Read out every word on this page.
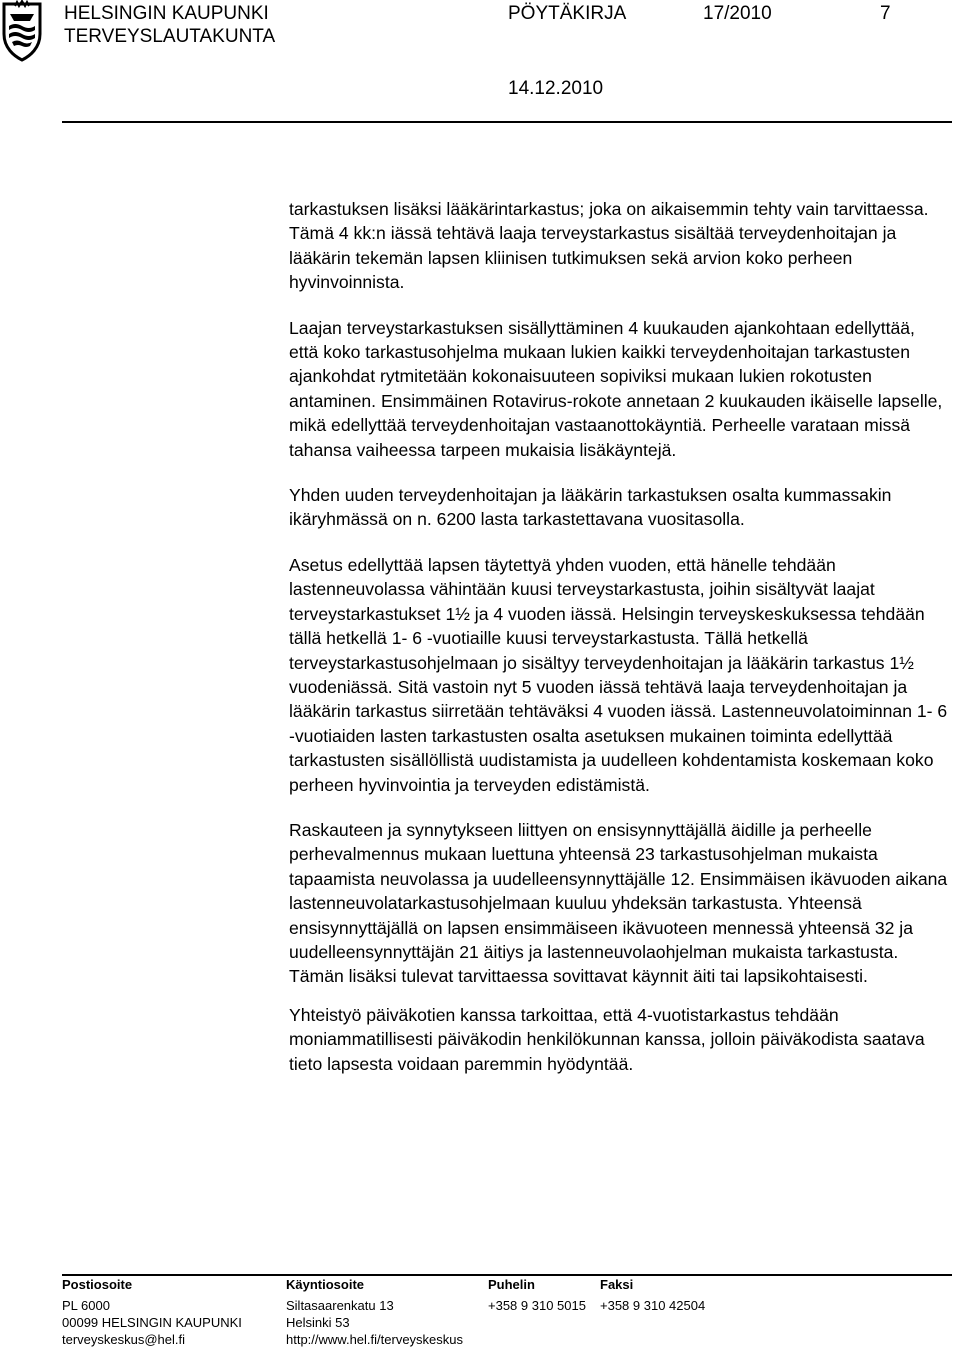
HELSINGIN KAUPUNKI
TERVEYSLAUTAKUNTA
PÖYTÄKIRJA	17/2010	7
14.12.2010

tarkastuksen lisäksi lääkärintarkastus; joka on aikaisemmin tehty vain tarvittaessa. Tämä 4 kk:n iässä tehtävä laaja terveystarkastus sisältää terveydenhoitajan ja lääkärin tekemän lapsen kliinisen tutkimuksen sekä arvion koko perheen hyvinvoinnista.

Laajan terveystarkastuksen sisällyttäminen 4 kuukauden ajankohtaan edellyttää, että koko tarkastusohjelma mukaan lukien kaikki terveydenhoitajan tarkastusten ajankohdat rytmitetään kokonaisuuteen sopiviksi mukaan lukien rokotusten antaminen. Ensimmäinen Rotavirus-rokote annetaan 2 kuukauden ikäiselle lapselle, mikä edellyttää terveydenhoitajan vastaanottokäyntiä. Perheelle varataan missä tahansa vaiheessa tarpeen mukaisia lisäkäyntejä.

Yhden uuden terveydenhoitajan ja lääkärin tarkastuksen osalta kummassakin ikäryhmässä on n. 6200 lasta tarkastettavana vuositasolla.

Asetus edellyttää lapsen täytettyä yhden vuoden, että hänelle tehdään lastenneuvolassa vähintään kuusi terveystarkastusta, joihin sisältyvät laajat terveystarkastukset 1½ ja 4 vuoden iässä. Helsingin terveyskeskuksessa tehdään tällä hetkellä 1- 6 -vuotiaille kuusi terveystarkastusta. Tällä hetkellä terveystarkastusohjelmaan jo sisältyy terveydenhoitajan ja lääkärin tarkastus 1½ vuodeniässä. Sitä vastoin nyt 5 vuoden iässä tehtävä laaja terveydenhoitajan ja lääkärin tarkastus siirretään tehtäväksi 4 vuoden iässä. Lastenneuvolatoiminnan 1- 6 -vuotiaiden lasten tarkastusten osalta asetuksen mukainen toiminta edellyttää tarkastusten sisällöllistä uudistamista ja uudelleen kohdentamista koskemaan koko perheen hyvinvointia ja terveyden edistämistä.

Raskauteen ja synnytykseen liittyen on ensisynnyttäjällä äidille ja perheelle perhevalmennus mukaan luettuna yhteensä 23 tarkastusohjelman mukaista tapaamista neuvolassa ja uudelleensynnyttäjälle 12. Ensimmäisen ikävuoden aikana lastenneuvolatarkastusohjelmaan kuuluu yhdeksän tarkastusta. Yhteensä ensisynnyttäjällä on lapsen ensimmäiseen ikävuoteen mennessä yhteensä 32 ja uudelleensynnyttäjän 21 äitiys ja lastenneuvolaohjelman mukaista tarkastusta. Tämän lisäksi tulevat tarvittaessa sovittavat käynnit äiti tai lapsikohtaisesti.

Yhteistyö päiväkotien kanssa tarkoittaa, että 4-vuotistarkastus tehdään moniammatillisesti päiväkodin henkilökunnan kanssa, jolloin päiväkodista saatava tieto lapsesta voidaan paremmin hyödyntää.

Postiosoite
PL 6000
00099 HELSINGIN KAUPUNKI
terveyskeskus@hel.fi
Käyntiosoite
Siltasaarenkatu 13
Helsinki 53
http://www.hel.fi/terveyskeskus
Puhelin
+358 9 310 5015
Faksi
+358 9 310 42504
